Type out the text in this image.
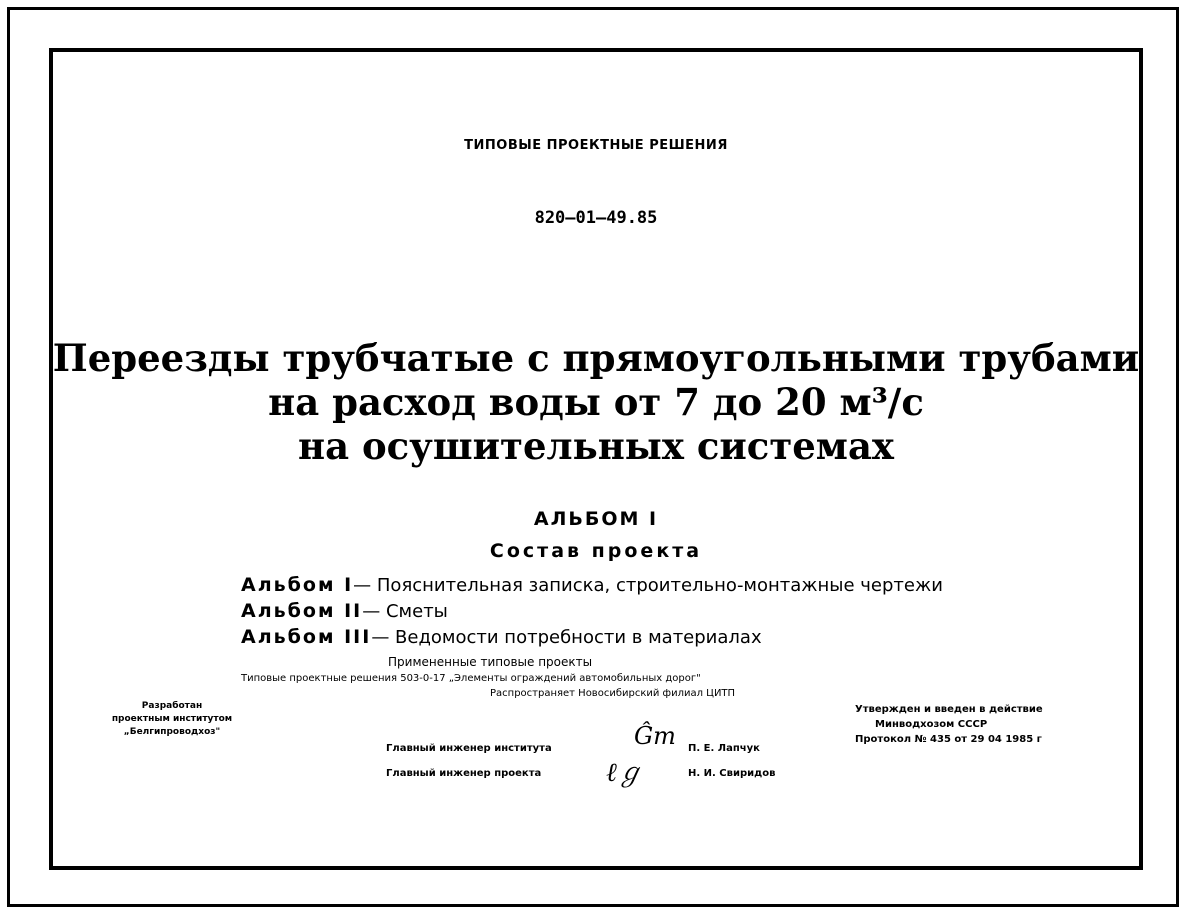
ТИПОВЫЕ ПРОЕКТНЫЕ РЕШЕНИЯ
820—01—49.85
Переезды трубчатые с прямоугольными трубами
на расход воды от 7 до 20 м³/с
на осушительных системах
АЛЬБОМ I
Состав проекта
Альбом I— Пояснительная записка, строительно-монтажные чертежи
Альбом II— Сметы
Альбом III— Ведомости потребности в материалах
Примененные типовые проекты
Типовые проектные решения 503-0-17 „Элементы ограждений автомобильных дорог"
Распространяет Новосибирский филиал ЦИТП
Разработан
проектным институтом
„Белгипроводхоз"
Утвержден и введен в действие
Минводхозом СССР
Протокол № 435 от 29 04 1985 г
Главный инженер института	Ĝm П. Е. Лапчук
Главный инженер проекта ℓℊ	Н. И. Свиридов
